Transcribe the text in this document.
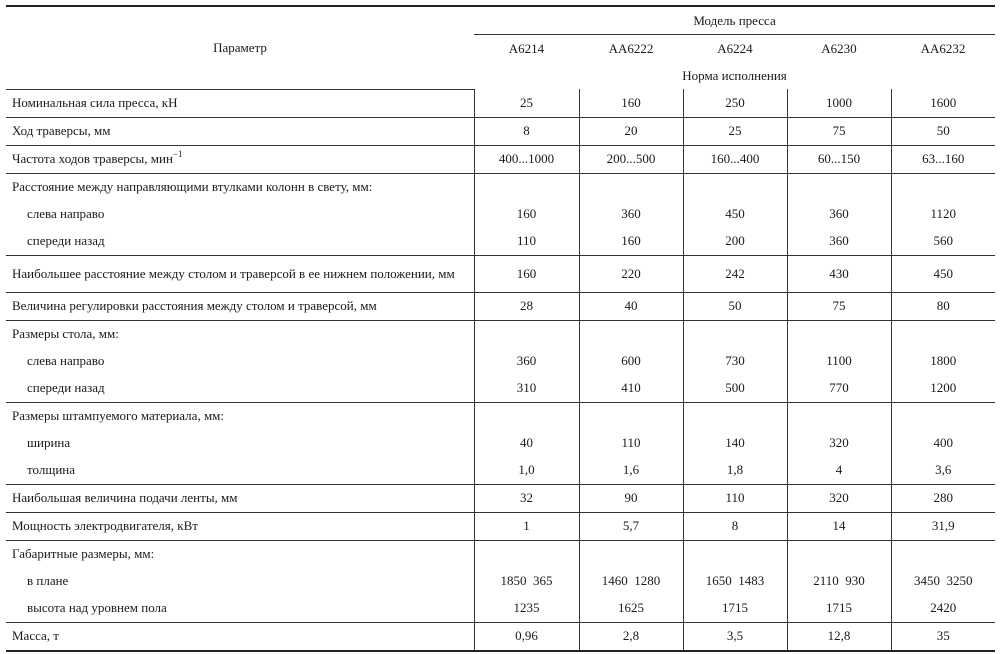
Параметр	Модель пресса				
	А6214	АА6222	А6224	А6230	АА6232
	Норма исполнения				
Номинальная сила пресса, кН	25	160	250	1000	1600
Ход траверсы, мм	8	20	25	75	50
Частота ходов траверсы, мин$^{-1}$	400...1000	200...500	160...400	60...150	63...160
Расстояние между направляющими втулками колонн в свету, мм:					
слева направо	160	360	450	360	1120
спереди назад	110	160	200	360	560
Наибольшее расстояние между столом и траверсой в ее нижнем положении, мм	160	220	242	430	450
Величина регулировки расстояния между столом и траверсой, мм	28	40	50	75	80
Размеры стола, мм:					
слева направо	360	600	730	1100	1800
спереди назад	310	410	500	770	1200
Размеры штампуемого материала, мм:					
ширина	40	110	140	320	400
толщина	1,0	1,6	1,8	4	3,6
Наибольшая величина подачи ленты, мм	32	90	110	320	280
Мощность электродвигателя, кВт	1	5,7	8	14	31,9
Габаритные размеры, мм:					
в плане	1850  365	1460  1280	1650  1483	2110  930	3450  3250
высота над уровнем пола	1235	1625	1715	1715	2420
Масса, т	0,96	2,8	3,5	12,8	35
